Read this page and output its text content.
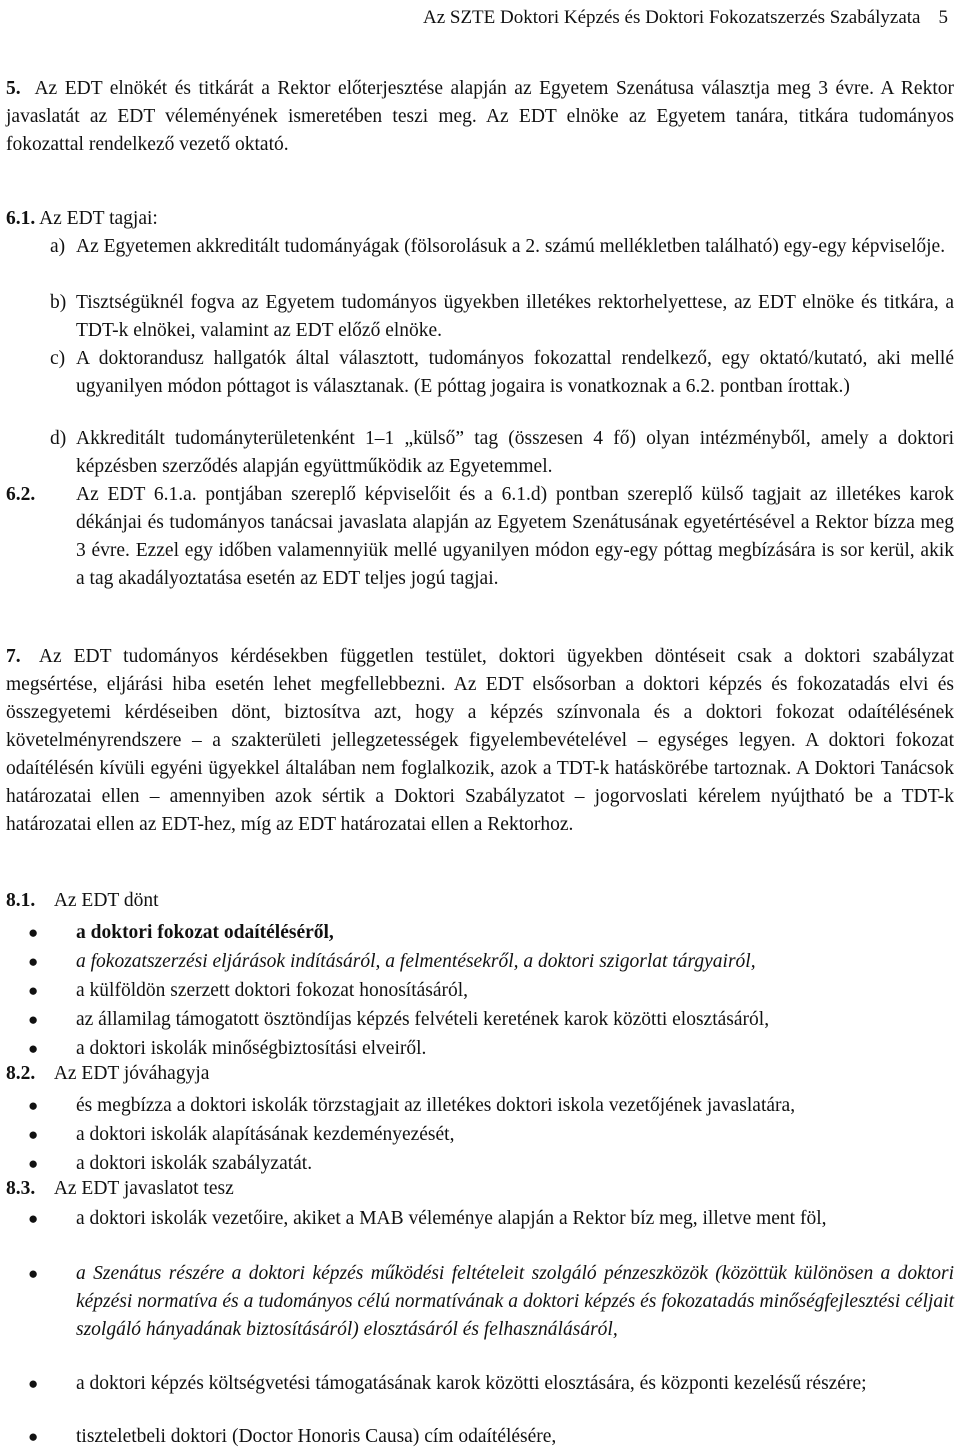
Az SZTE Doktori Képzés és Doktori Fokozatszerzés Szabályzata 5

5. Az EDT elnökét és titkárát a Rektor előterjesztése alapján az Egyetem Szenátusa választja meg 3 évre. A Rektor javaslatát az EDT véleményének ismeretében teszi meg. Az EDT elnöke az Egyetem tanára, titkára tudományos fokozattal rendelkező vezető oktató.

6.1. Az EDT tagjai:

a) Az Egyetemen akkreditált tudományágak (fölsorolásuk a 2. számú mellékletben található) egy-egy képviselője.

b) Tisztségüknél fogva az Egyetem tudományos ügyekben illetékes rektorhelyettese, az EDT elnöke és titkára, a TDT-k elnökei, valamint az EDT előző elnöke.

c) A doktorandusz hallgatók által választott, tudományos fokozattal rendelkező, egy oktató/kutató, aki mellé ugyanilyen módon póttagot is választanak. (E póttag jogaira is vonatkoznak a 6.2. pontban írottak.)

d) Akkreditált tudományterületenként 1–1 „külső” tag (összesen 4 fő) olyan intézményből, amely a doktori képzésben szerződés alapján együttműködik az Egyetemmel.

6.2. Az EDT 6.1.a. pontjában szereplő képviselőit és a 6.1.d) pontban szereplő külső tagjait az illetékes karok dékánjai és tudományos tanácsai javaslata alapján az Egyetem Szenátusának egyetértésével a Rektor bízza meg 3 évre. Ezzel egy időben valamennyiük mellé ugyanilyen módon egy-egy póttag megbízására is sor kerül, akik a tag akadályoztatása esetén az EDT teljes jogú tagjai.

7. Az EDT tudományos kérdésekben független testület, doktori ügyekben döntéseit csak a doktori szabályzat megsértése, eljárási hiba esetén lehet megfellebbezni. Az EDT elsősorban a doktori képzés és fokozatadás elvi és összegyetemi kérdéseiben dönt, biztosítva azt, hogy a képzés színvonala és a doktori fokozat odaítélésének követelményrendszere – a szakterületi jellegzetességek figyelembevételével – egységes legyen. A doktori fokozat odaítélésén kívüli egyéni ügyekkel általában nem foglalkozik, azok a TDT-k hatáskörébe tartoznak. A Doktori Tanácsok határozatai ellen – amennyiben azok sértik a Doktori Szabályzatot – jogorvoslati kérelem nyújtható be a TDT-k határozatai ellen az EDT-hez, míg az EDT határozatai ellen a Rektorhoz.

8.1. Az EDT dönt

● a doktori fokozat odaítéléséről,
● a fokozatszerzési eljárások indításáról, a felmentésekről, a doktori szigorlat tárgyairól,
● a külföldön szerzett doktori fokozat honosításáról,
● az államilag támogatott ösztöndíjas képzés felvételi keretének karok közötti elosztásáról,
● a doktori iskolák minőségbiztosítási elveiről.

8.2. Az EDT jóváhagyja

● és megbízza a doktori iskolák törzstagjait az illetékes doktori iskola vezetőjének javaslatára,
● a doktori iskolák alapításának kezdeményezését,
● a doktori iskolák szabályzatát.

8.3. Az EDT javaslatot tesz

● a doktori iskolák vezetőire, akiket a MAB véleménye alapján a Rektor bíz meg, illetve ment föl,
● a Szenátus részére a doktori képzés működési feltételeit szolgáló pénzeszközök (közöttük különösen a doktori képzési normatíva és a tudományos célú normatívának a doktori képzés és fokozatadás minőségfejlesztési céljait szolgáló hányadának biztosításáról) elosztásáról és felhasználásáról,
● a doktori képzés költségvetési támogatásának karok közötti elosztására, és központi kezelésű részére;
● tiszteletbeli doktori (Doctor Honoris Causa) cím odaítélésére,
